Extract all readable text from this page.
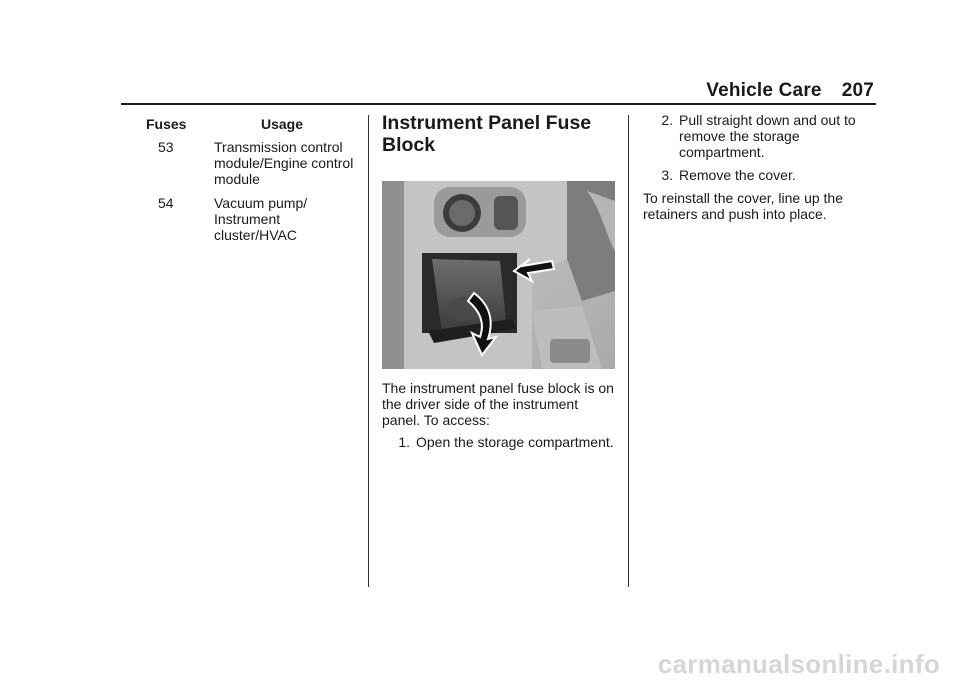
Vehicle Care 207
Fuses	Usage
53	Transmission control module/Engine control module
54	Vacuum pump/ Instrument cluster/HVAC
Instrument Panel Fuse Block

The instrument panel fuse block is on the driver side of the instrument panel. To access:

1. Open the storage compartment.
2. Pull straight down and out to remove the storage compartment.
3. Remove the cover.

To reinstall the cover, line up the retainers and push into place.

carmanualsonline.info
